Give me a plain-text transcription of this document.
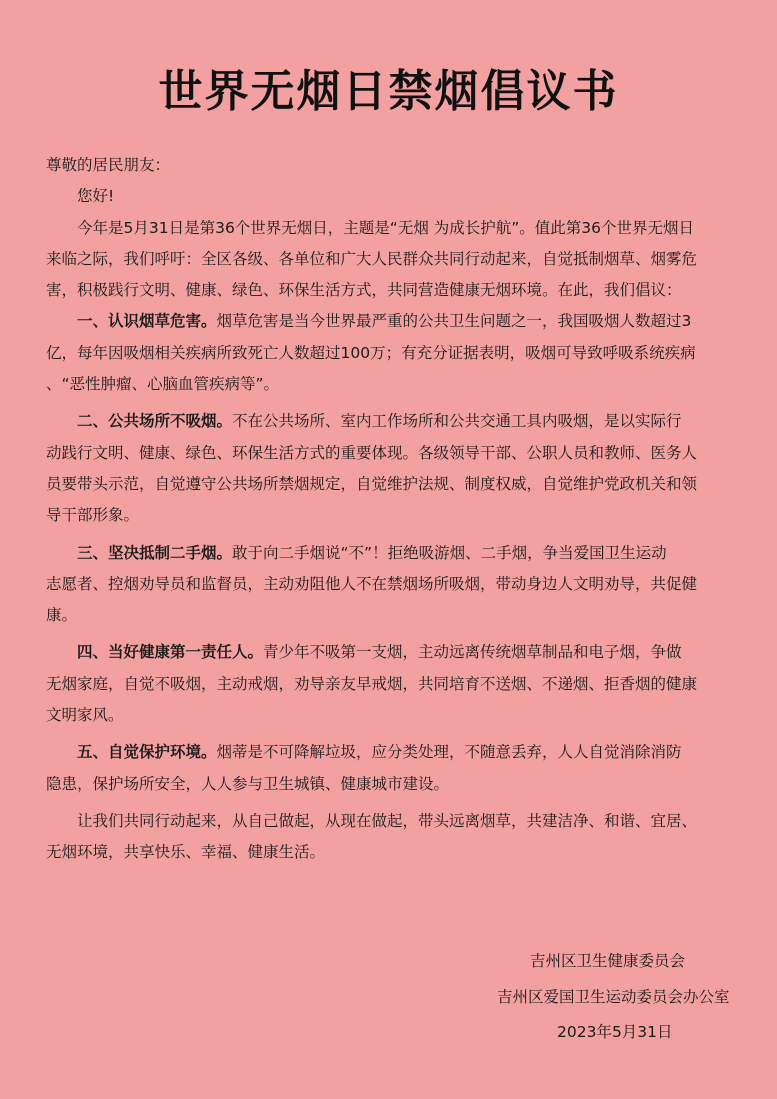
世界无烟日禁烟倡议书
尊敬的居民朋友：
您好!
今年是5月31日是第36个世界无烟日，主题是“无烟 为成长护航”。值此第36个世界无烟日
来临之际，我们呼吁：全区各级、各单位和广大人民群众共同行动起来，自觉抵制烟草、烟雾危
害，积极践行文明、健康、绿色、环保生活方式，共同营造健康无烟环境。在此，我们倡议：
一、认识烟草危害。烟草危害是当今世界最严重的公共卫生问题之一，我国吸烟人数超过3
亿，每年因吸烟相关疾病所致死亡人数超过100万；有充分证据表明，吸烟可导致呼吸系统疾病
、“恶性肿瘤、心脑血管疾病等”。
二、公共场所不吸烟。不在公共场所、室内工作场所和公共交通工具内吸烟，是以实际行
动践行文明、健康、绿色、环保生活方式的重要体现。各级领导干部、公职人员和教师、医务人
员要带头示范，自觉遵守公共场所禁烟规定，自觉维护法规、制度权威，自觉维护党政机关和领
导干部形象。
三、坚决抵制二手烟。敢于向二手烟说“不”！拒绝吸游烟、二手烟，争当爱国卫生运动
志愿者、控烟劝导员和监督员，主动劝阻他人不在禁烟场所吸烟，带动身边人文明劝导，共促健
康。
四、当好健康第一责任人。青少年不吸第一支烟，主动远离传统烟草制品和电子烟，争做
无烟家庭，自觉不吸烟，主动戒烟，劝导亲友早戒烟，共同培育不送烟、不递烟、拒香烟的健康
文明家风。
五、自觉保护环境。烟蒂是不可降解垃圾，应分类处理，不随意丢弃，人人自觉消除消防
隐患，保护场所安全，人人参与卫生城镇、健康城市建设。
让我们共同行动起来，从自己做起，从现在做起，带头远离烟草，共建洁净、和谐、宜居、
无烟环境，共享快乐、幸福、健康生活。
吉州区卫生健康委员会
吉州区爱国卫生运动委员会办公室
2023年5月31日
